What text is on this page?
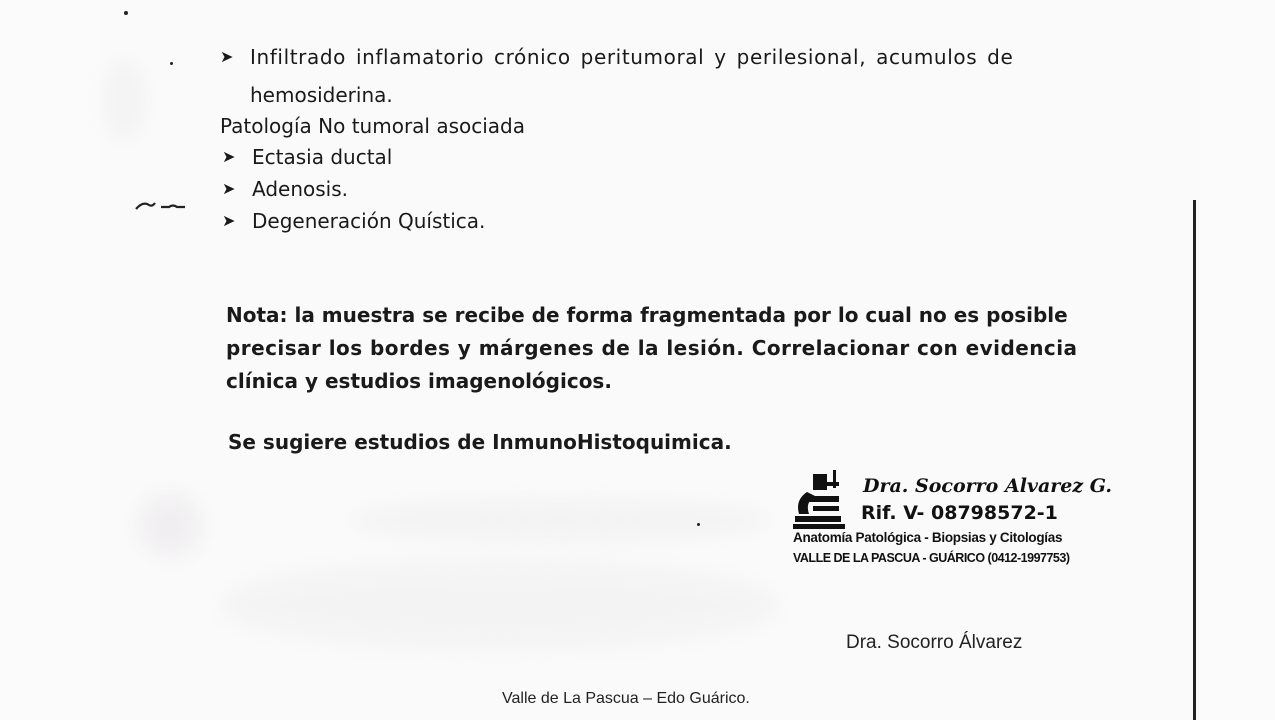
➤ Infiltrado inflamatorio crónico peritumoral y perilesional, acumulos de
hemosiderina.
Patología No tumoral asociada
➤ Ectasia ductal
➤ Adenosis.
➤ Degeneración Quística.
Nota: la muestra se recibe de forma fragmentada por lo cual no es posible
precisar los bordes y márgenes de la lesión. Correlacionar con evidencia
clínica y estudios imagenológicos.
Se sugiere estudios de InmunoHistoquimica.
Dra. Socorro Alvarez G.
Rif. V- 08798572-1
Anatomía Patológica - Biopsias y Citologías
VALLE DE LA PASCUA - GUÁRICO (0412-1997753)
Dra. Socorro Álvarez
Valle de La Pascua – Edo Guárico.
